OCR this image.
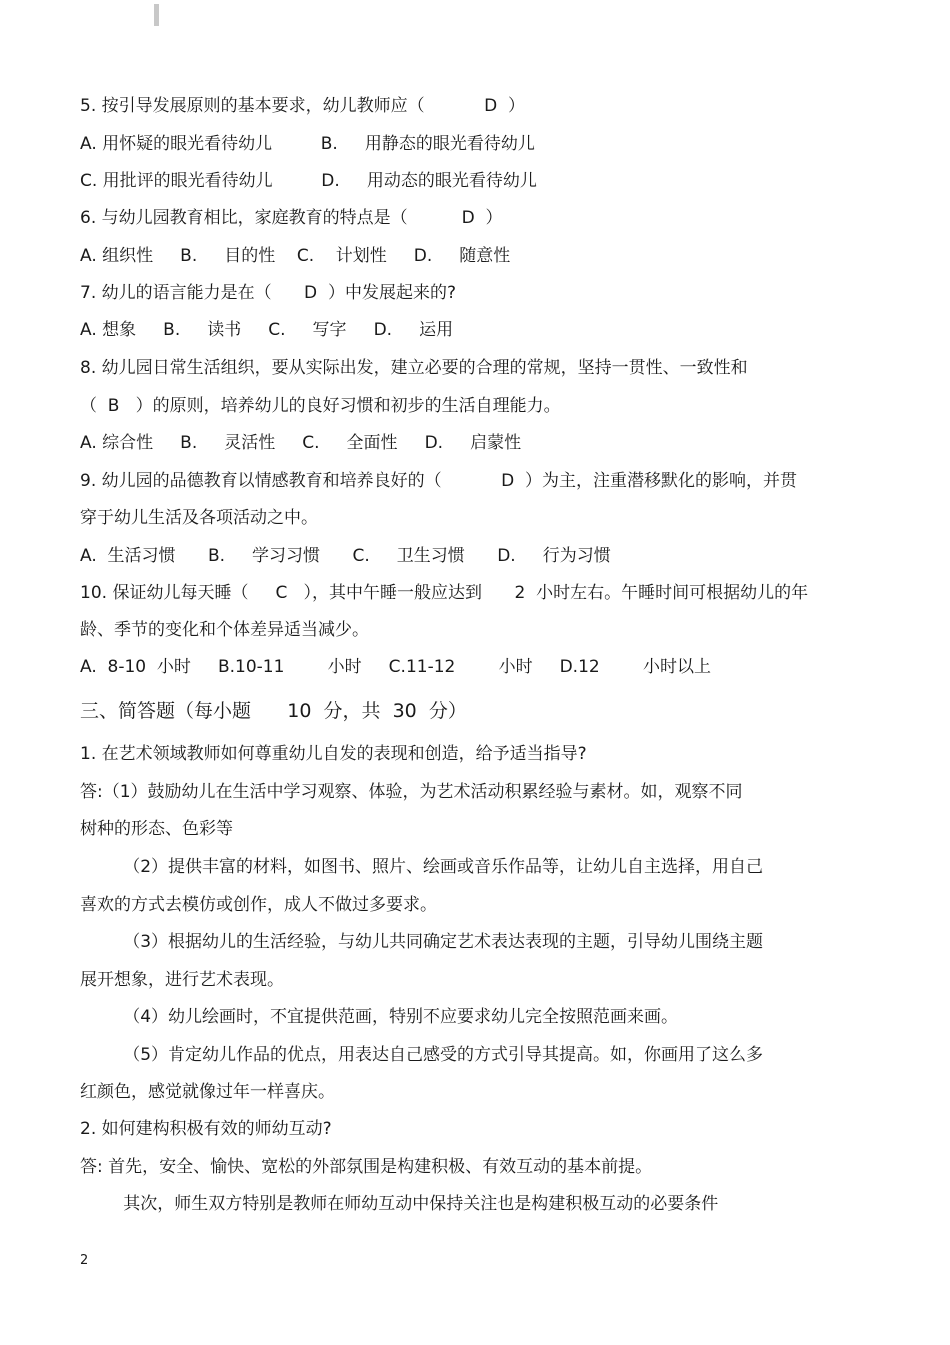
5. 按引导发展原则的基本要求，幼儿教师应（           D  ）
A. 用怀疑的眼光看待幼儿         B.     用静态的眼光看待幼儿
C. 用批评的眼光看待幼儿         D.     用动态的眼光看待幼儿
6. 与幼儿园教育相比，家庭教育的特点是（          D  ）
A. 组织性     B.     目的性    C.    计划性     D.     随意性
7. 幼儿的语言能力是在（      D  ）中发展起来的?
A. 想象     B.     读书     C.     写字     D.     运用
8. 幼儿园日常生活组织，要从实际出发，建立必要的合理的常规，坚持一贯性、一致性和
（  B   ）的原则，培养幼儿的良好习惯和初步的生活自理能力。
A. 综合性     B.     灵活性     C.     全面性     D.     启蒙性
9. 幼儿园的品德教育以情感教育和培养良好的（           D  ）为主，注重潜移默化的影响，并贯
穿于幼儿生活及各项活动之中。
A.  生活习惯      B.     学习习惯      C.     卫生习惯      D.     行为习惯
10. 保证幼儿每天睡（     C   ），其中午睡一般应达到      2  小时左右。午睡时间可根据幼儿的年
龄、季节的变化和个体差异适当减少。
A.  8-10  小时     B.10-11        小时     C.11-12        小时     D.12        小时以上
三、简答题（每小题      10  分，共  30  分）
1. 在艺术领域教师如何尊重幼儿自发的表现和创造，给予适当指导?
答:（1）鼓励幼儿在生活中学习观察、体验，为艺术活动积累经验与素材。如，观察不同
树种的形态、色彩等
（2）提供丰富的材料，如图书、照片、绘画或音乐作品等，让幼儿自主选择，用自己
喜欢的方式去模仿或创作，成人不做过多要求。
（3）根据幼儿的生活经验，与幼儿共同确定艺术表达表现的主题，引导幼儿围绕主题
展开想象，进行艺术表现。
（4）幼儿绘画时，不宜提供范画，特别不应要求幼儿完全按照范画来画。
（5）肯定幼儿作品的优点，用表达自己感受的方式引导其提高。如，你画用了这么多
红颜色，感觉就像过年一样喜庆。
2. 如何建构积极有效的师幼互动?
答: 首先，安全、愉快、宽松的外部氛围是构建积极、有效互动的基本前提。
其次，师生双方特别是教师在师幼互动中保持关注也是构建积极互动的必要条件
2
